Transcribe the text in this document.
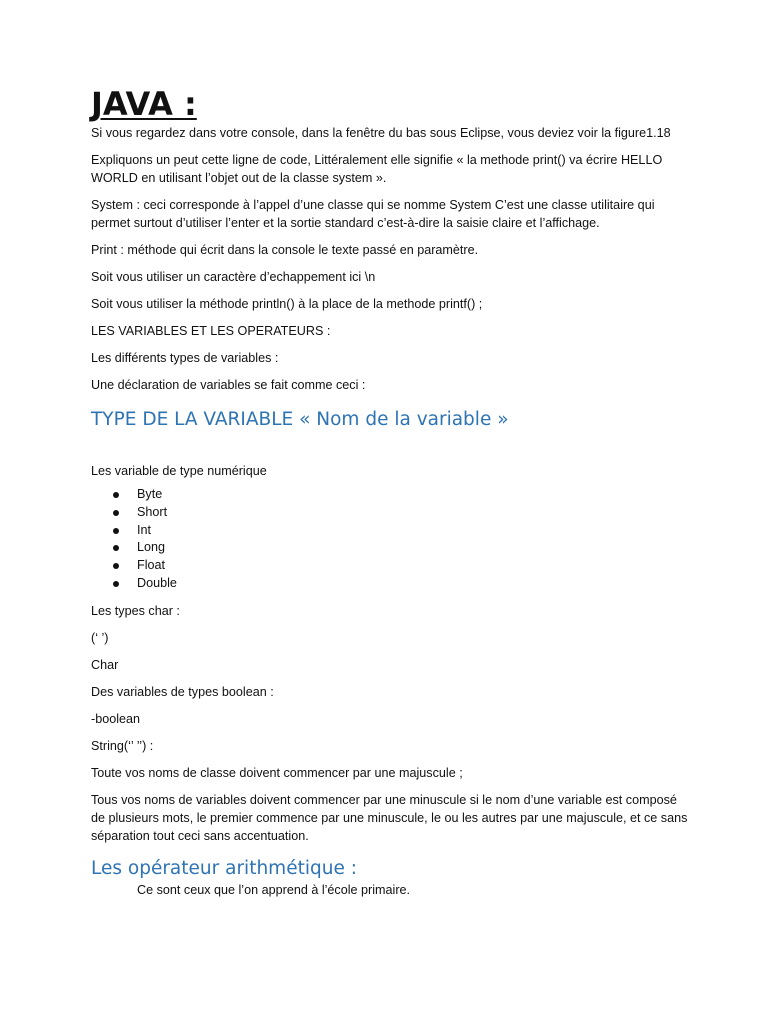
JAVA :

Si vous regardez dans votre console, dans la fenêtre du bas sous Eclipse, vous deviez voir la figure1.18

Expliquons un peut cette ligne de code, Littéralement elle signifie « la methode print() va écrire HELLO WORLD en utilisant l’objet out de la classe system ».

System : ceci corresponde à l’appel d’une classe qui se nomme System C’est une classe utilitaire qui permet surtout d’utiliser l’enter et la sortie standard c’est-à-dire la saisie claire et l’affichage.

Print : méthode qui écrit dans la console le texte passé en paramètre.

Soit vous utiliser un caractère d’echappement ici \n

Soit vous utiliser la méthode println() à la place de la methode printf() ;

LES VARIABLES ET LES OPERATEURS :

Les différents types de variables :

Une déclaration de variables se fait comme ceci :

TYPE DE LA VARIABLE « Nom de la variable »

Les variable de type numérique

Byte
Short
Int
Long
Float
Double

Les types char :

(‘ ’)

Char

Des variables de types boolean :

-boolean

String(‘’ ’’) :

Toute vos noms de classe doivent commencer par une majuscule ;

Tous vos noms de variables doivent commencer par une minuscule si le nom d’une variable est composé de plusieurs mots, le premier commence par une minuscule, le ou les autres par une majuscule, et ce sans séparation tout ceci sans accentuation.

Les opérateur arithmétique :

Ce sont ceux que l’on apprend à l’école primaire.
